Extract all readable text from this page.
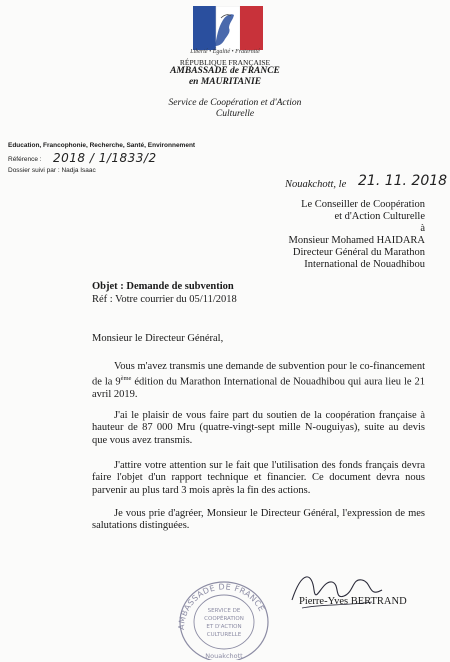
Liberté • Égalité • Fraternité
RÉPUBLIQUE FRANÇAISE
AMBASSADE de FRANCE
en MAURITANIE
Service de Coopération et d'Action
Culturelle
Education, Francophonie, Recherche, Santé, Environnement
Référence : 2018 / 1/1833/2
Dossier suivi par : Nadja Isaac
Nouakchott, le 21. 11. 2018
Le Conseiller de Coopération
et d'Action Culturelle
à
Monsieur Mohamed HAIDARA
Directeur Général du Marathon
International de Nouadhibou
Objet : Demande de subvention
Réf : Votre courrier du 05/11/2018
Monsieur le Directeur Général,
Vous m'avez transmis une demande de subvention pour le co-financement de la 9ème édition du Marathon International de Nouadhibou qui aura lieu le 21 avril 2019.
J'ai le plaisir de vous faire part du soutien de la coopération française à hauteur de 87 000 Mru (quatre-vingt-sept mille N-ouguiyas), suite au devis que vous avez transmis.
J'attire votre attention sur le fait que l'utilisation des fonds français devra faire l'objet d'un rapport technique et financier. Ce document devra nous parvenir au plus tard 3 mois après la fin des actions.
Je vous prie d'agréer, Monsieur le Directeur Général, l'expression de mes salutations distinguées.
AMBASSADE DE FRANCE
SERVICE DE
COOPÉRATION
ET D'ACTION
CULTURELLE
Nouakchott
Pierre-Yves BERTRAND
